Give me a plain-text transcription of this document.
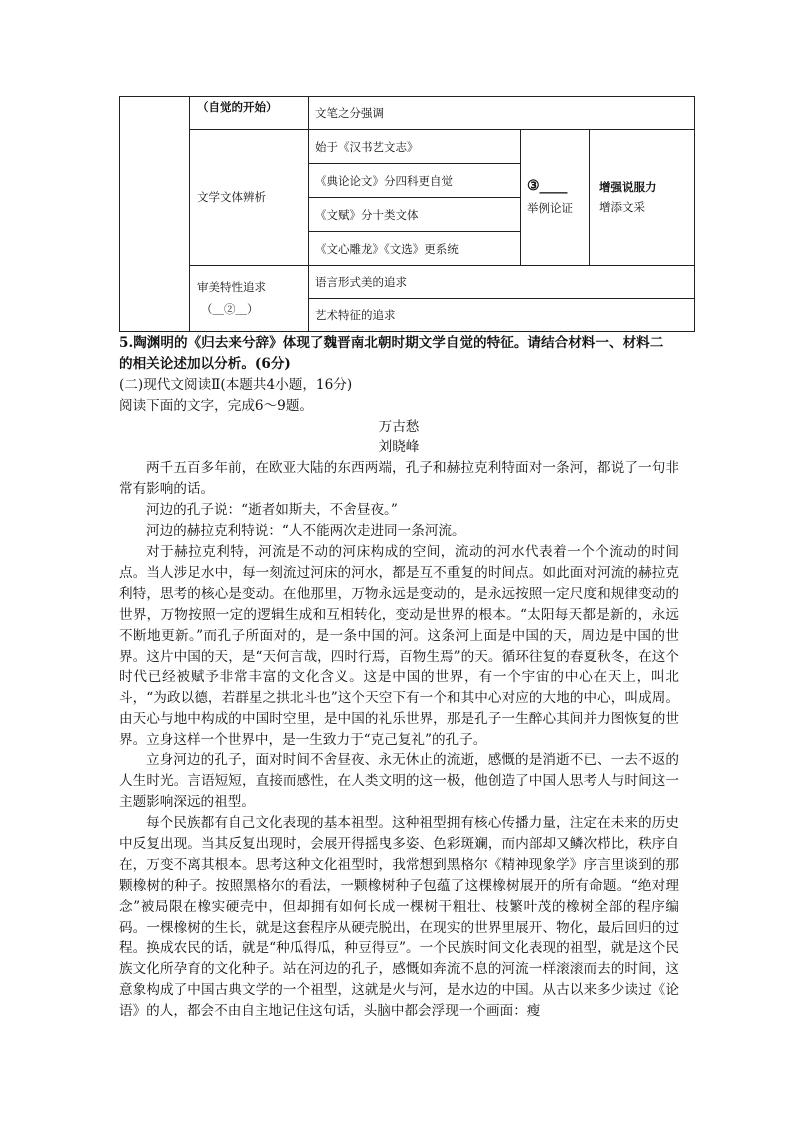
（自觉的开始）	文笔之分强调
文学文体辨析
始于《汉书艺文志》
《典论论文》分四科更自觉
《文赋》分十类文体
《文心雕龙》《文选》更系统
③____
举例论证
增强说服力
增添文采
审美特性追求
（＿②＿）
语言形式美的追求
艺术特征的追求
5.陶渊明的《归去来兮辞》体现了魏晋南北朝时期文学自觉的特征。请结合材料一、材料二
的相关论述加以分析。(6分)
(二)现代文阅读Ⅱ(本题共4小题，16分)
阅读下面的文字，完成6～9题。
万古愁
刘晓峰
两千五百多年前，在欧亚大陆的东西两端，孔子和赫拉克利特面对一条河，都说了一句非常有影响的话。
河边的孔子说：“逝者如斯夫，不舍昼夜。”
河边的赫拉克利特说：“人不能两次走进同一条河流。
对于赫拉克利特，河流是不动的河床构成的空间，流动的河水代表着一个个流动的时间点。当人涉足水中，每一刻流过河床的河水，都是互不重复的时间点。如此面对河流的赫拉克利特，思考的核心是变动。在他那里，万物永远是变动的，是永远按照一定尺度和规律变动的世界，万物按照一定的逻辑生成和互相转化，变动是世界的根本。“太阳每天都是新的，永远不断地更新。”而孔子所面对的，是一条中国的河。这条河上面是中国的天，周边是中国的世界。这片中国的天，是“天何言哉，四时行焉，百物生焉”的天。循环往复的春夏秋冬，在这个时代已经被赋予非常丰富的文化含义。这是中国的世界，有一个宇宙的中心在天上，叫北斗，“为政以德，若群星之拱北斗也”这个天空下有一个和其中心对应的大地的中心，叫成周。由天心与地中构成的中国时空里，是中国的礼乐世界，那是孔子一生醉心其间并力图恢复的世界。立身这样一个世界中，是一生致力于“克己复礼”的孔子。
立身河边的孔子，面对时间不舍昼夜、永无休止的流逝，感慨的是消逝不已、一去不返的人生时光。言语短短，直接而感性，在人类文明的这一极，他创造了中国人思考人与时间这一主题影响深远的祖型。
每个民族都有自己文化表现的基本祖型。这种祖型拥有核心传播力量，注定在未来的历史中反复出现。当其反复出现时，会展开得摇曳多姿、色彩斑斓，而内部却又鳞次栉比，秩序自在，万变不离其根本。思考这种文化祖型时，我常想到黑格尔《精神现象学》序言里谈到的那颗橡树的种子。按照黑格尔的看法，一颗橡树种子包蕴了这棵橡树展开的所有命题。“绝对理念”被局限在橡实硬壳中，但却拥有如何长成一棵树干粗壮、枝繁叶茂的橡树全部的程序编码。一棵橡树的生长，就是这套程序从硬壳脱出，在现实的世界里展开、物化，最后回归的过程。换成农民的话，就是“种瓜得瓜，种豆得豆”。一个民族时间文化表现的祖型，就是这个民族文化所孕育的文化种子。站在河边的孔子，感慨如奔流不息的河流一样滚滚而去的时间，这意象构成了中国古典文学的一个祖型，这就是火与河，是水边的中国。从古以来多少读过《论语》的人，都会不由自主地记住这句话，头脑中都会浮现一个画面：瘦
